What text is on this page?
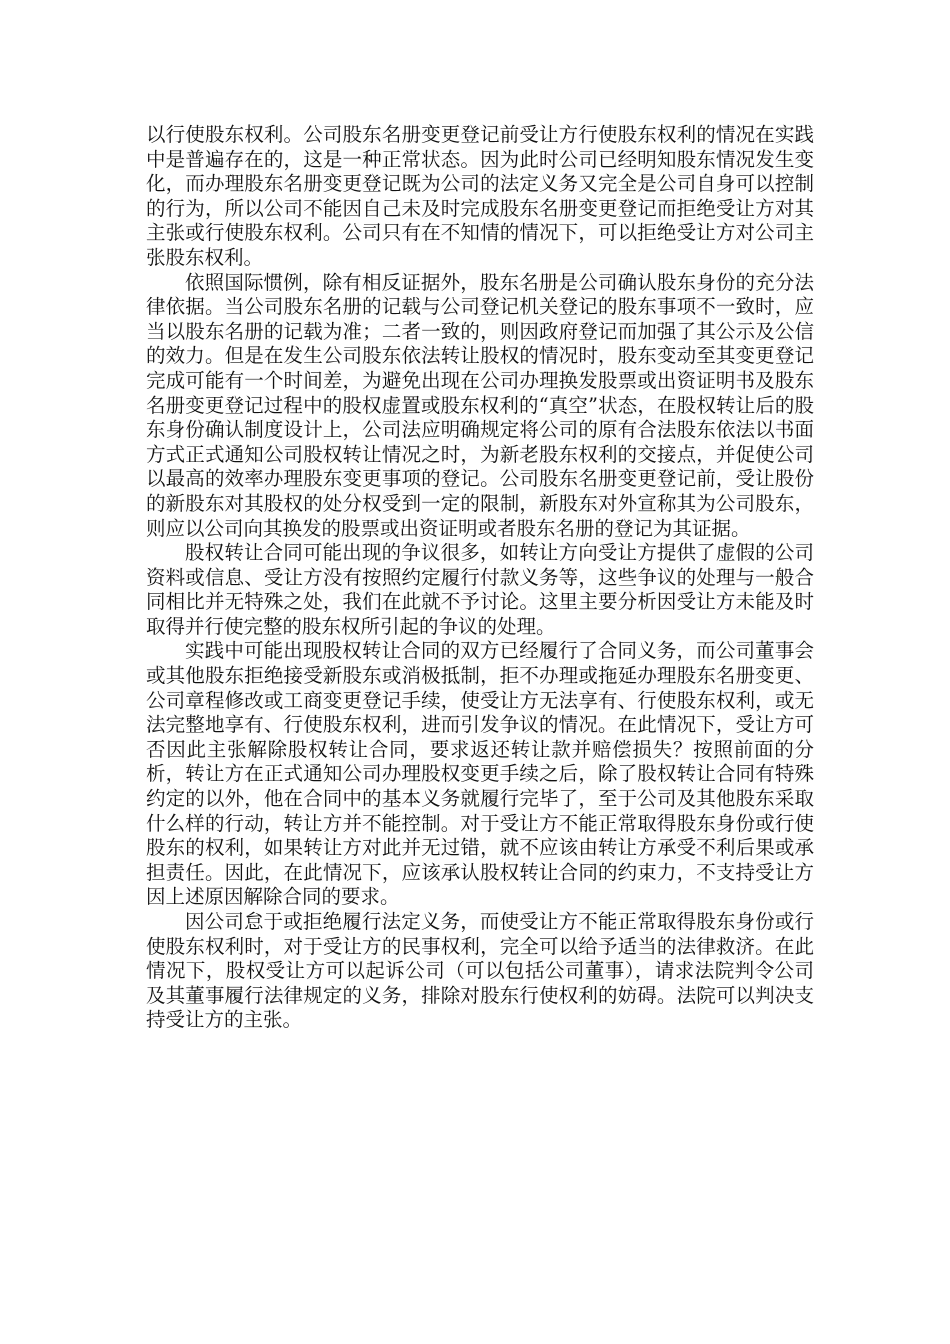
以行使股东权利。公司股东名册变更登记前受让方行使股东权利的情况在实践中是普遍存在的，这是一种正常状态。因为此时公司已经明知股东情况发生变化，而办理股东名册变更登记既为公司的法定义务又完全是公司自身可以控制的行为，所以公司不能因自己未及时完成股东名册变更登记而拒绝受让方对其主张或行使股东权利。公司只有在不知情的情况下，可以拒绝受让方对公司主张股东权利。

依照国际惯例，除有相反证据外，股东名册是公司确认股东身份的充分法律依据。当公司股东名册的记载与公司登记机关登记的股东事项不一致时，应当以股东名册的记载为准；二者一致的，则因政府登记而加强了其公示及公信的效力。但是在发生公司股东依法转让股权的情况时，股东变动至其变更登记完成可能有一个时间差，为避免出现在公司办理换发股票或出资证明书及股东名册变更登记过程中的股权虚置或股东权利的“真空”状态，在股权转让后的股东身份确认制度设计上，公司法应明确规定将公司的原有合法股东依法以书面方式正式通知公司股权转让情况之时，为新老股东权利的交接点，并促使公司以最高的效率办理股东变更事项的登记。公司股东名册变更登记前，受让股份的新股东对其股权的处分权受到一定的限制，新股东对外宣称其为公司股东，则应以公司向其换发的股票或出资证明或者股东名册的登记为其证据。

股权转让合同可能出现的争议很多，如转让方向受让方提供了虚假的公司资料或信息、受让方没有按照约定履行付款义务等，这些争议的处理与一般合同相比并无特殊之处，我们在此就不予讨论。这里主要分析因受让方未能及时取得并行使完整的股东权所引起的争议的处理。

实践中可能出现股权转让合同的双方已经履行了合同义务，而公司董事会或其他股东拒绝接受新股东或消极抵制，拒不办理或拖延办理股东名册变更、公司章程修改或工商变更登记手续，使受让方无法享有、行使股东权利，或无法完整地享有、行使股东权利，进而引发争议的情况。在此情况下，受让方可否因此主张解除股权转让合同，要求返还转让款并赔偿损失？按照前面的分析，转让方在正式通知公司办理股权变更手续之后，除了股权转让合同有特殊约定的以外，他在合同中的基本义务就履行完毕了，至于公司及其他股东采取什么样的行动，转让方并不能控制。对于受让方不能正常取得股东身份或行使股东的权利，如果转让方对此并无过错，就不应该由转让方承受不利后果或承担责任。因此，在此情况下，应该承认股权转让合同的约束力，不支持受让方因上述原因解除合同的要求。

因公司怠于或拒绝履行法定义务，而使受让方不能正常取得股东身份或行使股东权利时，对于受让方的民事权利，完全可以给予适当的法律救济。在此情况下，股权受让方可以起诉公司（可以包括公司董事），请求法院判令公司及其董事履行法律规定的义务，排除对股东行使权利的妨碍。法院可以判决支持受让方的主张。
